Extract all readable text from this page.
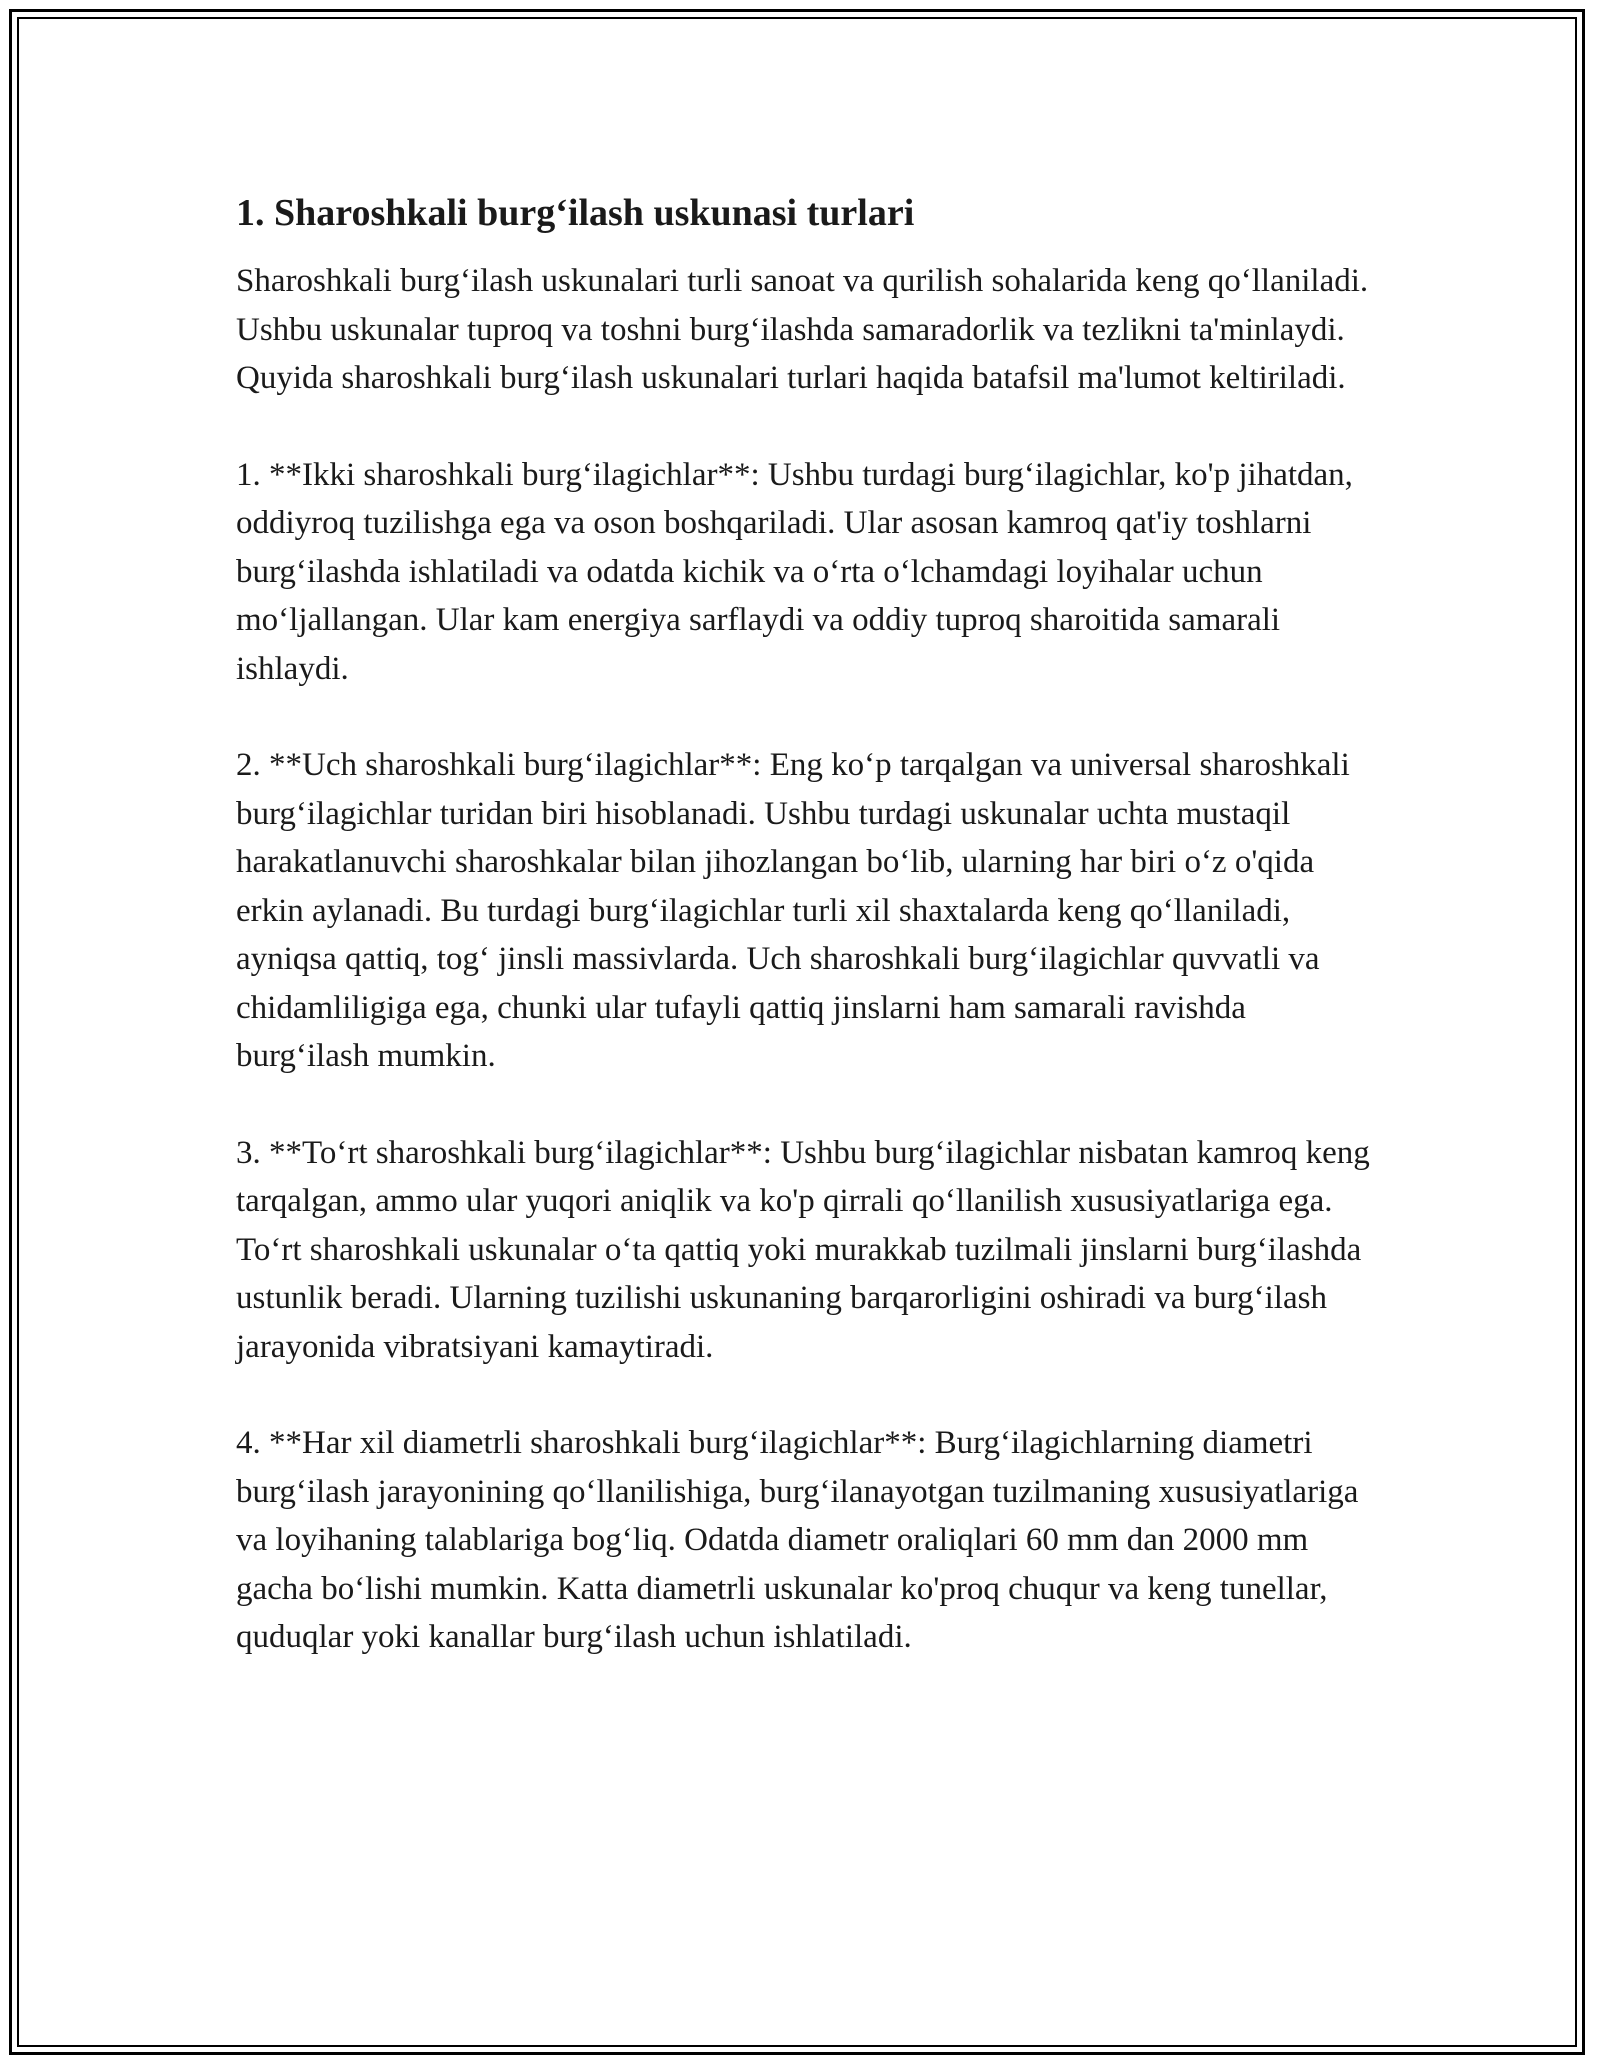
1. Sharoshkali burg‘ilash uskunasi turlari

Sharoshkali burg‘ilash uskunalari turli sanoat va qurilish sohalarida keng qo‘llaniladi. Ushbu uskunalar tuproq va toshni burg‘ilashda samaradorlik va tezlikni ta'minlaydi. Quyida sharoshkali burg‘ilash uskunalari turlari haqida batafsil ma'lumot keltiriladi.

1. **Ikki sharoshkali burg‘ilagichlar**: Ushbu turdagi burg‘ilagichlar, ko'p jihatdan, oddiyroq tuzilishga ega va oson boshqariladi. Ular asosan kamroq qat'iy toshlarni burg‘ilashda ishlatiladi va odatda kichik va o‘rta o‘lchamdagi loyihalar uchun mo‘ljallangan. Ular kam energiya sarflaydi va oddiy tuproq sharoitida samarali ishlaydi.

2. **Uch sharoshkali burg‘ilagichlar**: Eng ko‘p tarqalgan va universal sharoshkali burg‘ilagichlar turidan biri hisoblanadi. Ushbu turdagi uskunalar uchta mustaqil harakatlanuvchi sharoshkalar bilan jihozlangan bo‘lib, ularning har biri o‘z o'qida erkin aylanadi. Bu turdagi burg‘ilagichlar turli xil shaxtalarda keng qo‘llaniladi, ayniqsa qattiq, tog‘ jinsli massivlarda. Uch sharoshkali burg‘ilagichlar quvvatli va chidamliligiga ega, chunki ular tufayli qattiq jinslarni ham samarali ravishda burg‘ilash mumkin.

3. **To‘rt sharoshkali burg‘ilagichlar**: Ushbu burg‘ilagichlar nisbatan kamroq keng tarqalgan, ammo ular yuqori aniqlik va ko'p qirrali qo‘llanilish xususiyatlariga ega. To‘rt sharoshkali uskunalar o‘ta qattiq yoki murakkab tuzilmali jinslarni burg‘ilashda ustunlik beradi. Ularning tuzilishi uskunaning barqarorligini oshiradi va burg‘ilash jarayonida vibratsiyani kamaytiradi.

4. **Har xil diametrli sharoshkali burg‘ilagichlar**: Burg‘ilagichlarning diametri burg‘ilash jarayonining qo‘llanilishiga, burg‘ilanayotgan tuzilmaning xususiyatlariga va loyihaning talablariga bog‘liq. Odatda diametr oraliqlari 60 mm dan 2000 mm gacha bo‘lishi mumkin. Katta diametrli uskunalar ko'proq chuqur va keng tunellar, quduqlar yoki kanallar burg‘ilash uchun ishlatiladi.
